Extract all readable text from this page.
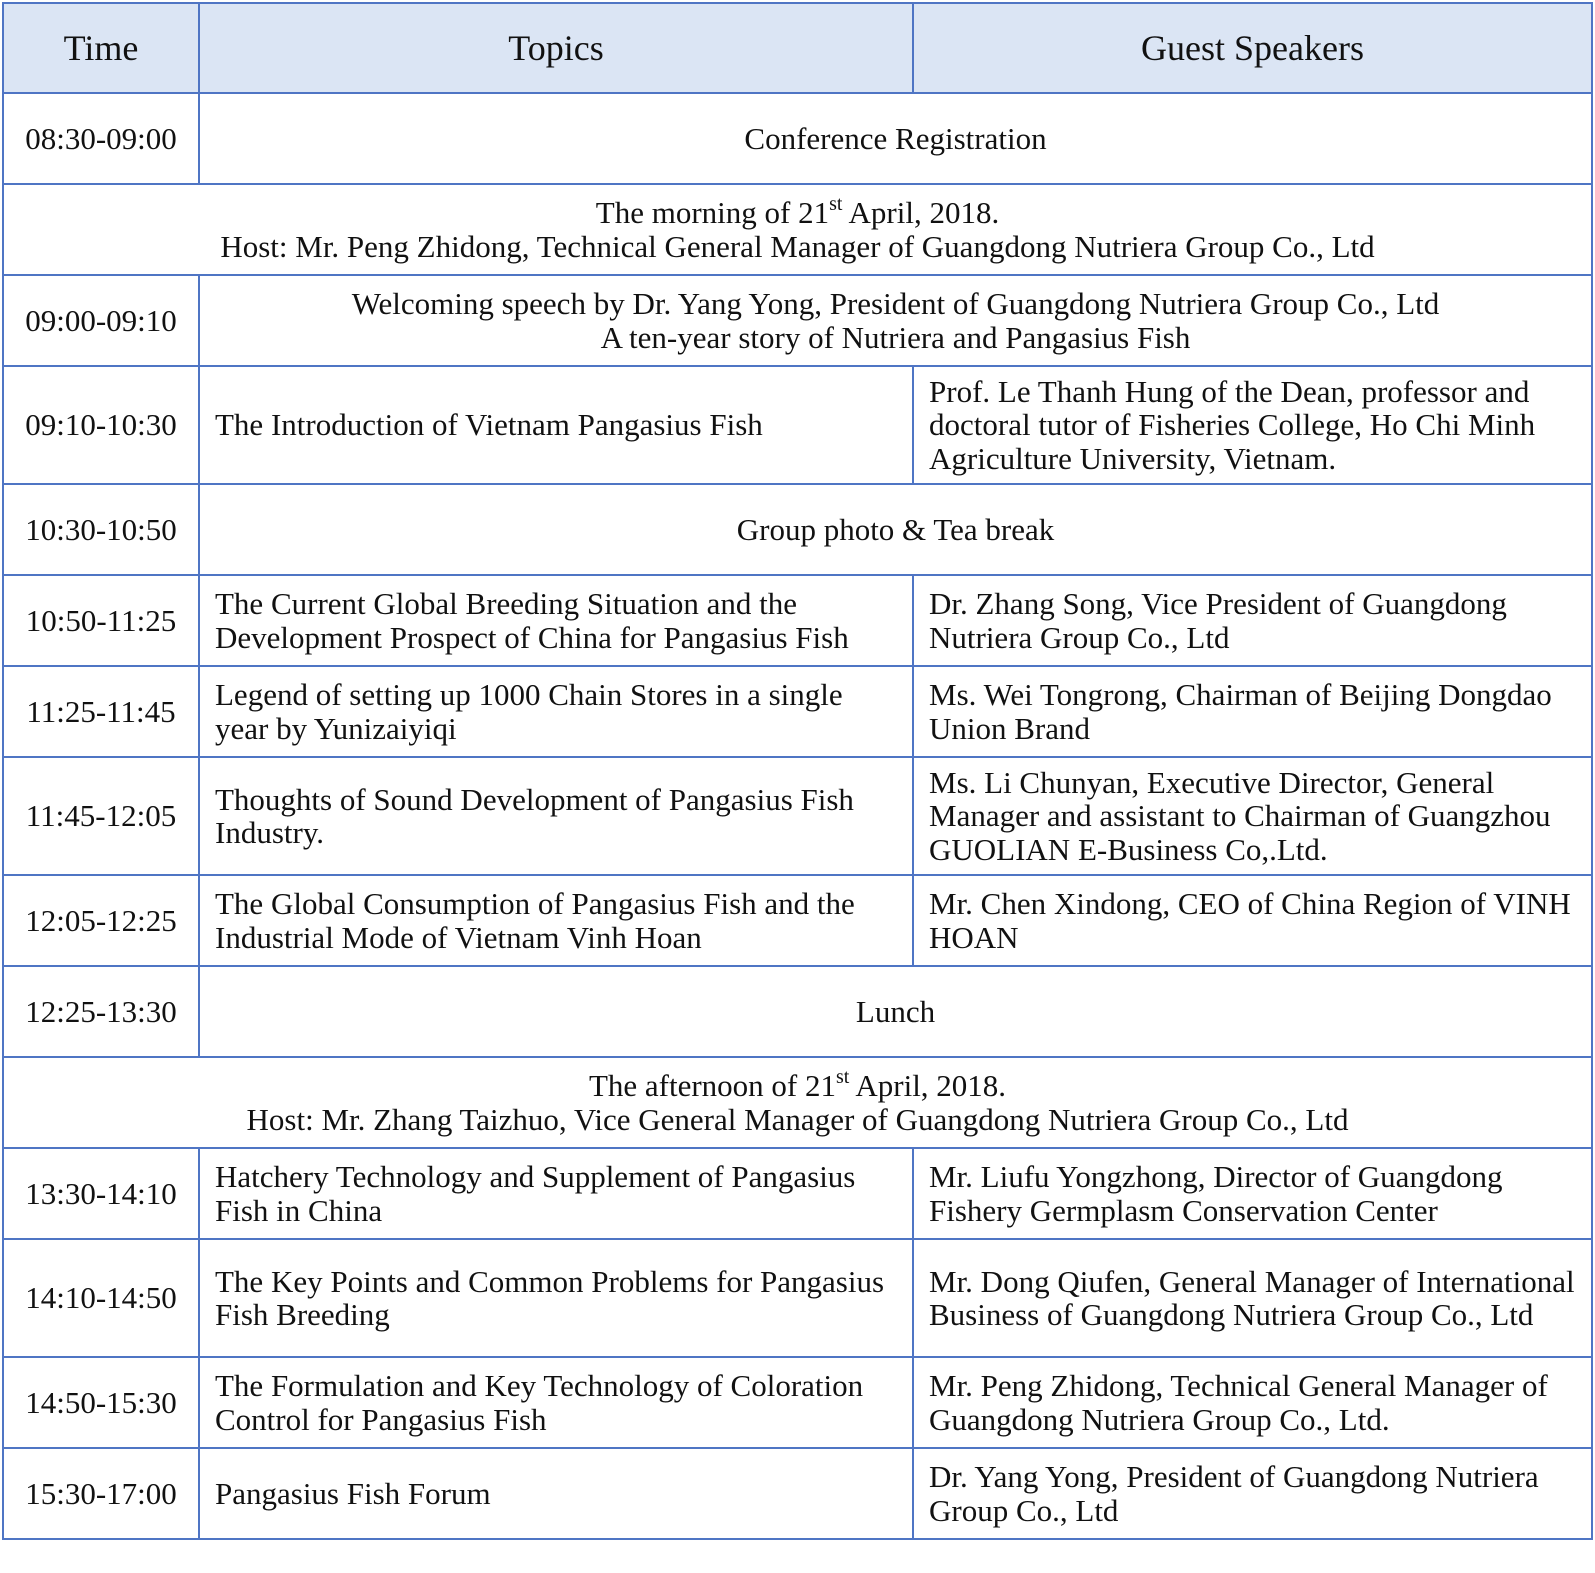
Time	Topics	Guest Speakers
08:30-09:00	Conference Registration	

The morning of 21st April, 2018.
Host: Mr. Peng Zhidong, Technical General Manager of Guangdong Nutriera Group Co., Ltd		

09:00-09:10	Welcoming speech by Dr. Yang Yong, President of Guangdong Nutriera Group Co., Ltd
A ten-year story of Nutriera and Pangasius Fish	

09:10-10:30	The Introduction of Vietnam Pangasius Fish	Prof. Le Thanh Hung of the Dean, professor and doctoral tutor of Fisheries College, Ho Chi Minh Agriculture University, Vietnam.
10:30-10:50	Group photo & Tea break	
10:50-11:25	The Current Global Breeding Situation and the Development Prospect of China for Pangasius Fish	Dr. Zhang Song, Vice President of Guangdong Nutriera Group Co., Ltd
11:25-11:45	Legend of setting up 1000 Chain Stores in a single year by Yunizaiyiqi	Ms. Wei Tongrong, Chairman of Beijing Dongdao Union Brand
11:45-12:05	Thoughts of Sound Development of Pangasius Fish Industry.	Ms. Li Chunyan, Executive Director, General Manager and assistant to Chairman of Guangzhou GUOLIAN E-Business Co,.Ltd.
12:05-12:25	The Global Consumption of Pangasius Fish and the Industrial Mode of Vietnam Vinh Hoan	Mr. Chen Xindong, CEO of China Region of VINH HOAN
12:25-13:30	Lunch	

The afternoon of 21st April, 2018.
Host: Mr. Zhang Taizhuo, Vice General Manager of Guangdong Nutriera Group Co., Ltd		

13:30-14:10	Hatchery Technology and Supplement of Pangasius Fish in China	Mr. Liufu Yongzhong, Director of Guangdong Fishery Germplasm Conservation Center
14:10-14:50	The Key Points and Common Problems for Pangasius Fish Breeding	Mr. Dong Qiufen, General Manager of International Business of Guangdong Nutriera Group Co., Ltd
14:50-15:30	The Formulation and Key Technology of Coloration Control for Pangasius Fish	Mr. Peng Zhidong, Technical General Manager of Guangdong Nutriera Group Co., Ltd.
15:30-17:00	Pangasius Fish Forum	Dr. Yang Yong, President of Guangdong Nutriera Group Co., Ltd
